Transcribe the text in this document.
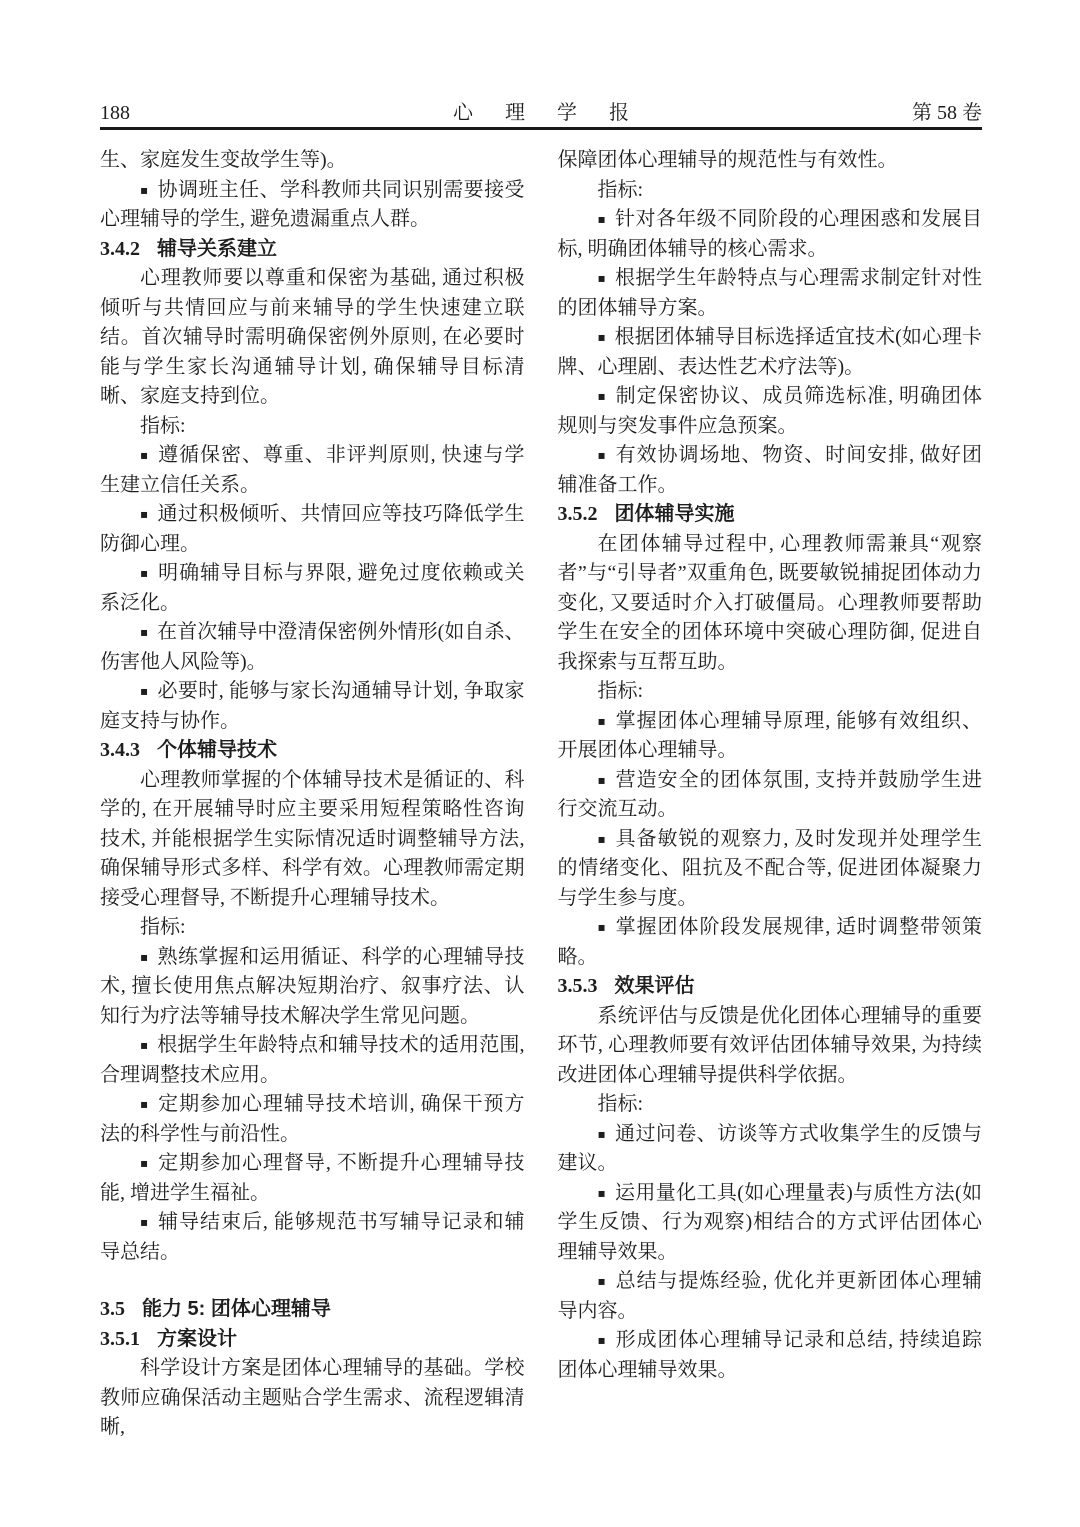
188	心理学报	第 58 卷

生、家庭发生变故学生等)。

▪ 协调班主任、学科教师共同识别需要接受心理辅导的学生, 避免遗漏重点人群。

3.4.2 辅导关系建立

心理教师要以尊重和保密为基础, 通过积极倾听与共情回应与前来辅导的学生快速建立联结。首次辅导时需明确保密例外原则, 在必要时能与学生家长沟通辅导计划, 确保辅导目标清晰、家庭支持到位。

指标:

▪ 遵循保密、尊重、非评判原则, 快速与学生建立信任关系。

▪ 通过积极倾听、共情回应等技巧降低学生防御心理。

▪ 明确辅导目标与界限, 避免过度依赖或关系泛化。

▪ 在首次辅导中澄清保密例外情形(如自杀、伤害他人风险等)。

▪ 必要时, 能够与家长沟通辅导计划, 争取家庭支持与协作。

3.4.3 个体辅导技术

心理教师掌握的个体辅导技术是循证的、科学的, 在开展辅导时应主要采用短程策略性咨询技术, 并能根据学生实际情况适时调整辅导方法, 确保辅导形式多样、科学有效。心理教师需定期接受心理督导, 不断提升心理辅导技术。

指标:

▪ 熟练掌握和运用循证、科学的心理辅导技术, 擅长使用焦点解决短期治疗、叙事疗法、认知行为疗法等辅导技术解决学生常见问题。

▪ 根据学生年龄特点和辅导技术的适用范围, 合理调整技术应用。

▪ 定期参加心理辅导技术培训, 确保干预方法的科学性与前沿性。

▪ 定期参加心理督导, 不断提升心理辅导技能, 增进学生福祉。

▪ 辅导结束后, 能够规范书写辅导记录和辅导总结。

3.5 能力 5: 团体心理辅导
3.5.1 方案设计

科学设计方案是团体心理辅导的基础。学校教师应确保活动主题贴合学生需求、流程逻辑清晰,

保障团体心理辅导的规范性与有效性。

指标:

▪ 针对各年级不同阶段的心理困惑和发展目标, 明确团体辅导的核心需求。

▪ 根据学生年龄特点与心理需求制定针对性的团体辅导方案。

▪ 根据团体辅导目标选择适宜技术(如心理卡牌、心理剧、表达性艺术疗法等)。

▪ 制定保密协议、成员筛选标准, 明确团体规则与突发事件应急预案。

▪ 有效协调场地、物资、时间安排, 做好团辅准备工作。

3.5.2 团体辅导实施

在团体辅导过程中, 心理教师需兼具“观察者”与“引导者”双重角色, 既要敏锐捕捉团体动力变化, 又要适时介入打破僵局。心理教师要帮助学生在安全的团体环境中突破心理防御, 促进自我探索与互帮互助。

指标:

▪ 掌握团体心理辅导原理, 能够有效组织、开展团体心理辅导。

▪ 营造安全的团体氛围, 支持并鼓励学生进行交流互动。

▪ 具备敏锐的观察力, 及时发现并处理学生的情绪变化、阻抗及不配合等, 促进团体凝聚力与学生参与度。

▪ 掌握团体阶段发展规律, 适时调整带领策略。

3.5.3 效果评估

系统评估与反馈是优化团体心理辅导的重要环节, 心理教师要有效评估团体辅导效果, 为持续改进团体心理辅导提供科学依据。

指标:

▪ 通过问卷、访谈等方式收集学生的反馈与建议。

▪ 运用量化工具(如心理量表)与质性方法(如学生反馈、行为观察)相结合的方式评估团体心理辅导效果。

▪ 总结与提炼经验, 优化并更新团体心理辅导内容。

▪ 形成团体心理辅导记录和总结, 持续追踪团体心理辅导效果。
